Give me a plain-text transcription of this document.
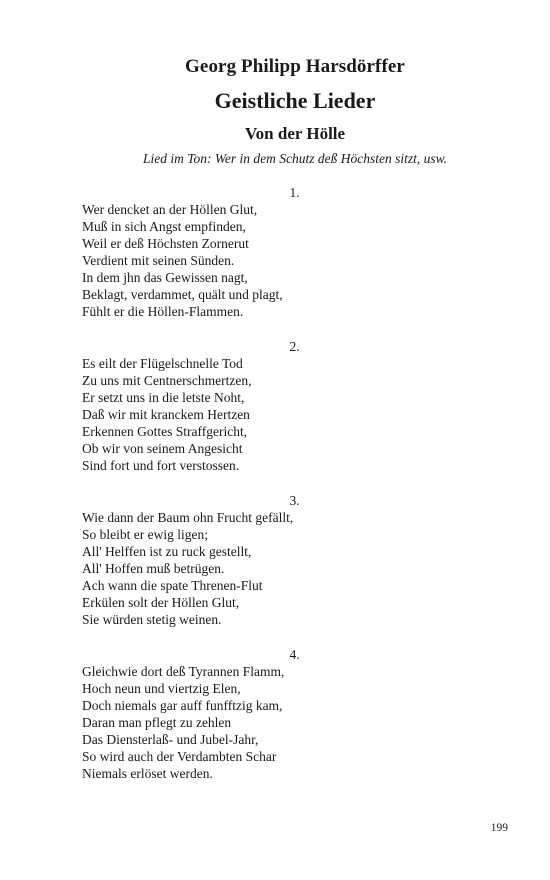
Georg Philipp Harsdörffer
Geistliche Lieder
Von der Hölle
Lied im Ton: Wer in dem Schutz deß Höchsten sitzt, usw.
1.
Wer dencket an der Höllen Glut,
Muß in sich Angst empfinden,
Weil er deß Höchsten Zornerut
Verdient mit seinen Sünden.
In dem jhn das Gewissen nagt,
Beklagt, verdammet, quält und plagt,
Fühlt er die Höllen-Flammen.
2.
Es eilt der Flügelschnelle Tod
Zu uns mit Centnerschmertzen,
Er setzt uns in die letste Noht,
Daß wir mit kranckem Hertzen
Erkennen Gottes Straffgericht,
Ob wir von seinem Angesicht
Sind fort und fort verstossen.
3.
Wie dann der Baum ohn Frucht gefällt,
So bleibt er ewig ligen;
All' Helffen ist zu ruck gestellt,
All' Hoffen muß betrügen.
Ach wann die spate Threnen-Flut
Erkülen solt der Höllen Glut,
Sie würden stetig weinen.
4.
Gleichwie dort deß Tyrannen Flamm,
Hoch neun und viertzig Elen,
Doch niemals gar auff funfftzig kam,
Daran man pflegt zu zehlen
Das Diensterlaß- und Jubel-Jahr,
So wird auch der Verdambten Schar
Niemals erlöset werden.
199
